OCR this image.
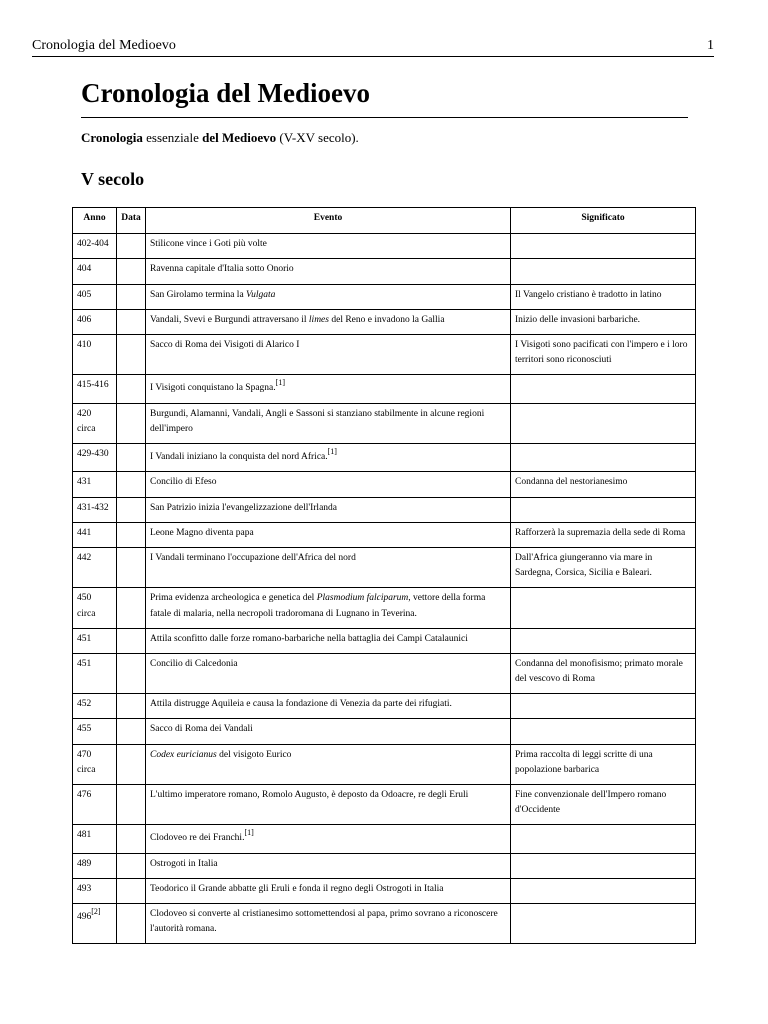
Cronologia del Medioevo	1
Cronologia del Medioevo

Cronologia essenziale del Medioevo (V-XV secolo).

V secolo
Anno	Data	Evento	Significato
402-404		Stilicone vince i Goti più volte	
404		Ravenna capitale d'Italia sotto Onorio	
405		San Girolamo termina la Vulgata	Il Vangelo cristiano è tradotto in latino
406		Vandali, Svevi e Burgundi attraversano il limes del Reno e invadono la Gallia	Inizio delle invasioni barbariche.
410		Sacco di Roma dei Visigoti di Alarico I	I Visigoti sono pacificati con l'impero e i loro territori sono riconosciuti
415-416		I Visigoti conquistano la Spagna.[1]	
420 circa		Burgundi, Alamanni, Vandali, Angli e Sassoni si stanziano stabilmente in alcune regioni dell'impero	
429-430		I Vandali iniziano la conquista del nord Africa.[1]	
431		Concilio di Efeso	Condanna del nestorianesimo
431-432		San Patrizio inizia l'evangelizzazione dell'Irlanda	
441		Leone Magno diventa papa	Rafforzerà la supremazia della sede di Roma
442		I Vandali terminano l'occupazione dell'Africa del nord	Dall'Africa giungeranno via mare in Sardegna, Corsica, Sicilia e Baleari.
450 circa		Prima evidenza archeologica e genetica del Plasmodium falciparum, vettore della forma fatale di malaria, nella necropoli tradoromana di Lugnano in Teverina.	
451		Attila sconfitto dalle forze romano-barbariche nella battaglia dei Campi Catalaunici	
451		Concilio di Calcedonia	Condanna del monofisismo; primato morale del vescovo di Roma
452		Attila distrugge Aquileia e causa la fondazione di Venezia da parte dei rifugiati.	
455		Sacco di Roma dei Vandali	
470 circa		Codex euricianus del visigoto Eurico	Prima raccolta di leggi scritte di una popolazione barbarica
476		L'ultimo imperatore romano, Romolo Augusto, è deposto da Odoacre, re degli Eruli	Fine convenzionale dell'Impero romano d'Occidente
481		Clodoveo re dei Franchi.[1]	
489		Ostrogoti in Italia	
493		Teodorico il Grande abbatte gli Eruli e fonda il regno degli Ostrogoti in Italia	
496[2]		Clodoveo si converte al cristianesimo sottomettendosi al papa, primo sovrano a riconoscere l'autorità romana.	
